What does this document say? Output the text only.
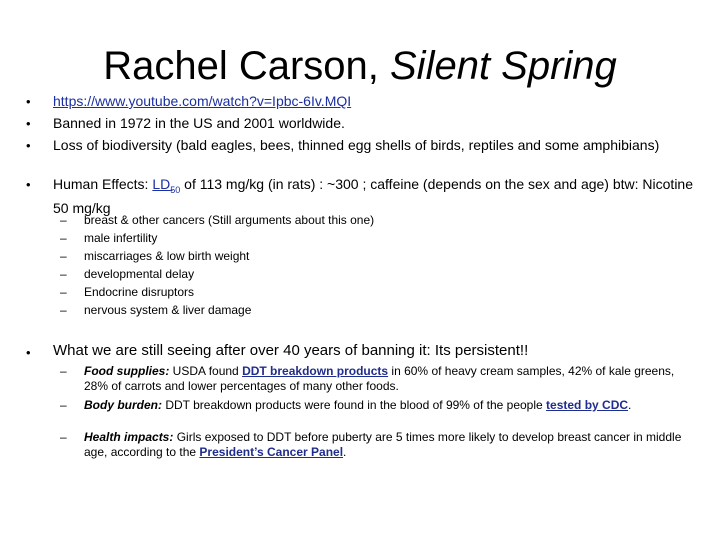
Rachel Carson, Silent Spring
•	https://www.youtube.com/watch?v=Ipbc-6Iv.MQI
•	Banned in 1972 in the US and 2001 worldwide.
•	Loss of biodiversity (bald eagles, bees, thinned egg shells of birds, reptiles and some amphibians)
•	Human Effects: $LD_{50}$ of 113 mg/kg (in rats) : ~300 ; caffeine (depends on the sex and age) btw: Nicotine 50 mg/kg
– breast & other cancers (Still arguments about this one)
– male infertility
– miscarriages & low birth weight
– developmental delay
– Endocrine disruptors
– nervous system & liver damage
•	What we are still seeing after over 40 years of banning it: Its persistent!!
– Food supplies: USDA found DDT breakdown products in 60% of heavy cream samples, 42% of kale greens, 28% of carrots and lower percentages of many other foods.
– Body burden: DDT breakdown products were found in the blood of 99% of the people tested by CDC.
– Health impacts: Girls exposed to DDT before puberty are 5 times more likely to develop breast cancer in middle age, according to the President’s Cancer Panel.
